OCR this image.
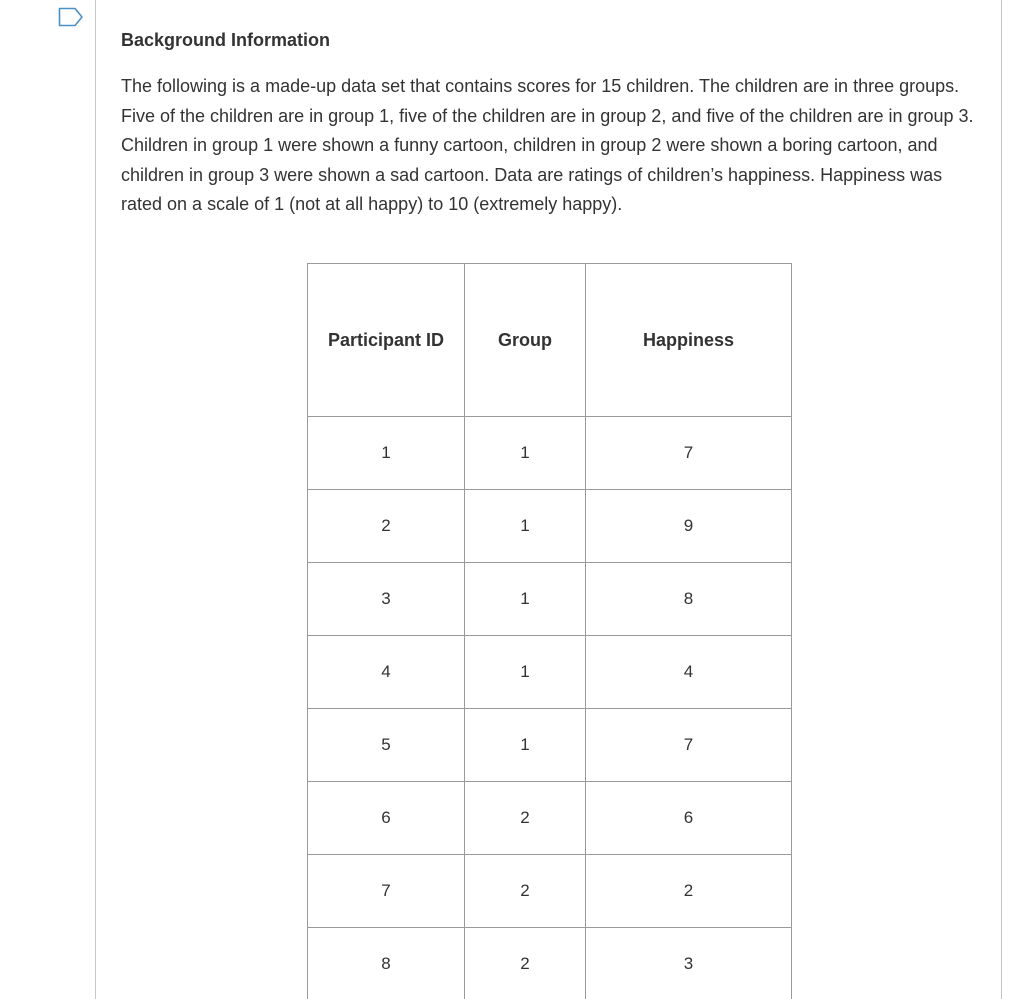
Background Information

The following is a made-up data set that contains scores for 15 children. The children are in three groups. Five of the children are in group 1, five of the children are in group 2, and five of the children are in group 3. Children in group 1 were shown a funny cartoon, children in group 2 were shown a boring cartoon, and children in group 3 were shown a sad cartoon. Data are ratings of children’s happiness. Happiness was rated on a scale of 1 (not at all happy) to 10 (extremely happy).

Participant ID	Group	Happiness
1	1	7
2	1	9
3	1	8
4	1	4
5	1	7
6	2	6
7	2	2
8	2	3
